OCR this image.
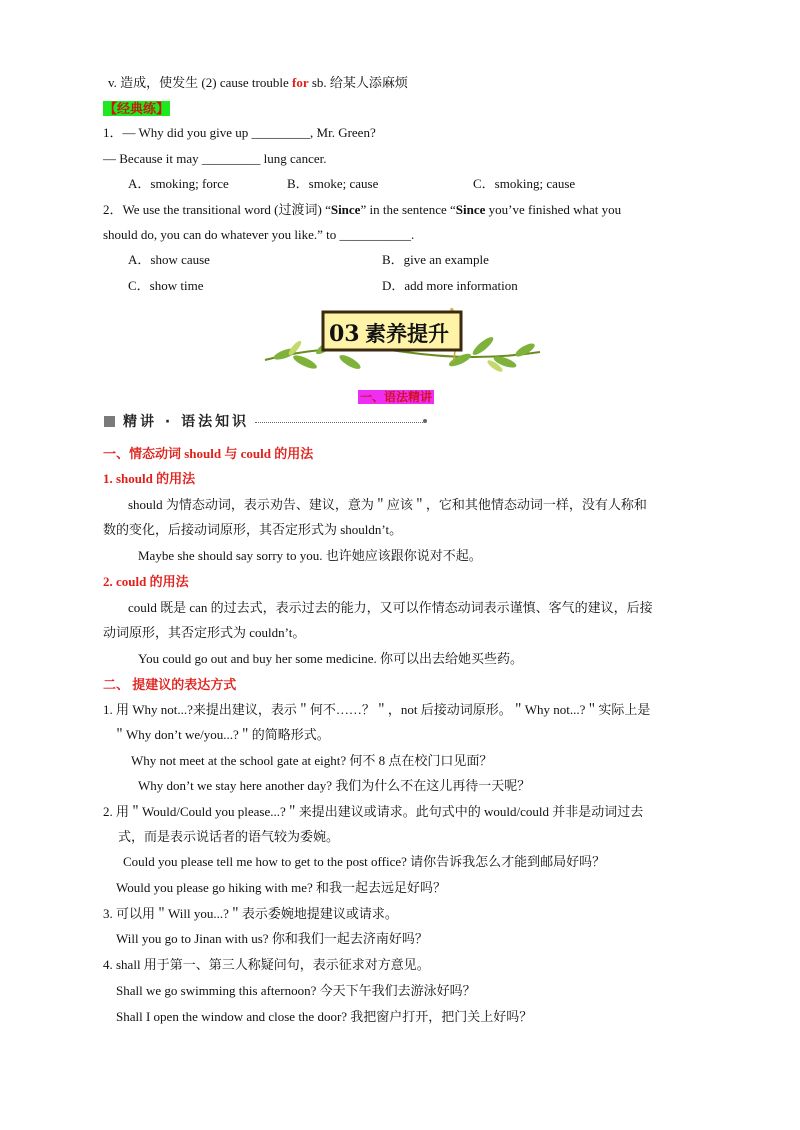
v. 造成，使发生 (2) cause trouble for sb. 给某人添麻烦
【经典练】
1．— Why did you give up _________, Mr. Green?
— Because it may _________ lung cancer.
A．smoking; force	B．smoke; cause	C．smoking; cause
2．We use the transitional word (过渡词) “Since” in the sentence “Since you’ve finished what you
should do, you can do whatever you like.” to ___________.
A．show cause	B．give an example
C．show time	D．add more information
03 素养提升
一、语法精讲
精讲 · 语法知识
一、情态动词 should 与 could 的用法
1. should 的用法
should 为情态动词，表示劝告、建议，意为＂应该＂，它和其他情态动词一样，没有人称和
数的变化，后接动词原形，其否定形式为 shouldn’t。
Maybe she should say sorry to you. 也许她应该跟你说对不起。
2. could 的用法
could 既是 can 的过去式，表示过去的能力，又可以作情态动词表示谨慎、客气的建议，后接
动词原形，其否定形式为 couldn’t。
You could go out and buy her some medicine. 你可以出去给她买些药。
二、 提建议的表达方式
1. 用 Why not...?来提出建议，表示＂何不……？＂，not 后接动词原形。＂Why not...?＂实际上是
＂Why don’t we/you...?＂的简略形式。
Why not meet at the school gate at eight? 何不 8 点在校门口见面？
Why don’t we stay here another day? 我们为什么不在这儿再待一天呢？
2. 用＂Would/Could you please...?＂来提出建议或请求。此句式中的 would/could 并非是动词过去
式，而是表示说话者的语气较为委婉。
Could you please tell me how to get to the post office? 请你告诉我怎么才能到邮局好吗？
Would you please go hiking with me? 和我一起去远足好吗？
3. 可以用＂Will you...?＂表示委婉地提建议或请求。
Will you go to Jinan with us? 你和我们一起去济南好吗？
4. shall 用于第一、第三人称疑问句，表示征求对方意见。
Shall we go swimming this afternoon? 今天下午我们去游泳好吗？
Shall I open the window and close the door? 我把窗户打开，把门关上好吗？
